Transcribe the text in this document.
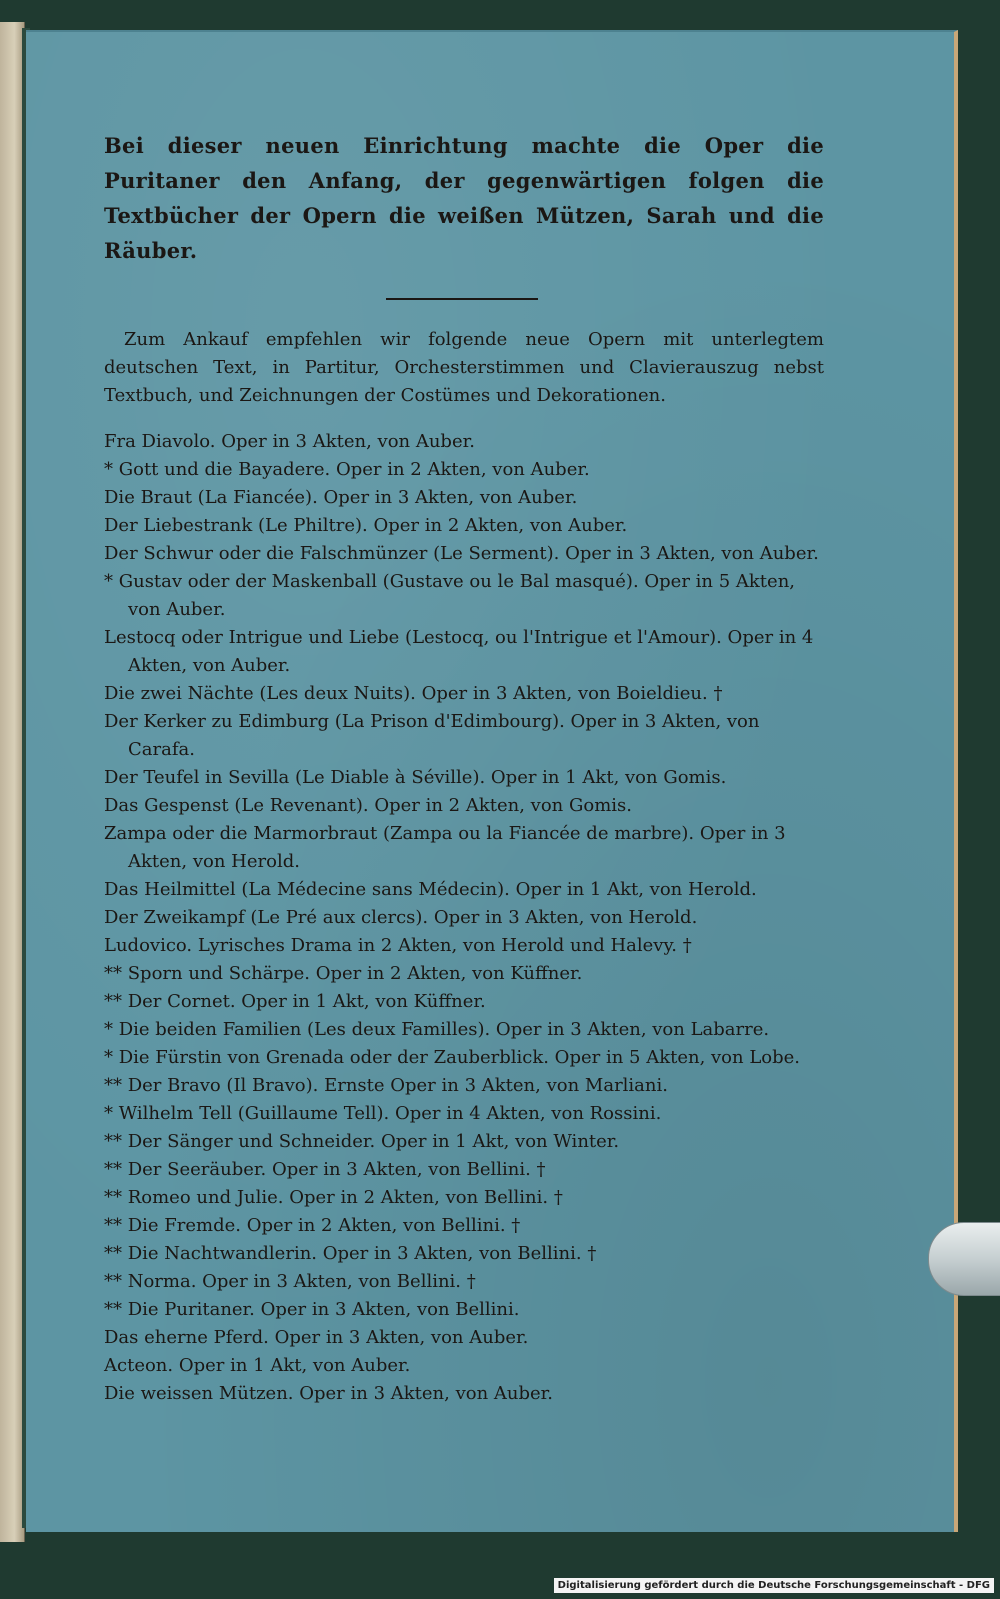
Bei dieser neuen Einrichtung machte die Oper die Puritaner den Anfang, der gegenwärtigen folgen die Textbücher der Opern die weißen Mützen, Sarah und die Räuber.

Zum Ankauf empfehlen wir folgende neue Opern mit unterlegtem deutschen Text, in Partitur, Orchesterstimmen und Clavierauszug nebst Textbuch, und Zeichnungen der Costümes und Dekorationen.

Fra Diavolo. Oper in 3 Akten, von Auber.
* Gott und die Bayadere. Oper in 2 Akten, von Auber.
Die Braut (La Fiancée). Oper in 3 Akten, von Auber.
Der Liebestrank (Le Philtre). Oper in 2 Akten, von Auber.
Der Schwur oder die Falschmünzer (Le Serment). Oper in 3 Akten, von Auber.
* Gustav oder der Maskenball (Gustave ou le Bal masqué). Oper in 5 Akten, von Auber.
Lestocq oder Intrigue und Liebe (Lestocq, ou l'Intrigue et l'Amour). Oper in 4 Akten, von Auber.
Die zwei Nächte (Les deux Nuits). Oper in 3 Akten, von Boieldieu. †
Der Kerker zu Edimburg (La Prison d'Edimbourg). Oper in 3 Akten, von Carafa.
Der Teufel in Sevilla (Le Diable à Séville). Oper in 1 Akt, von Gomis.
Das Gespenst (Le Revenant). Oper in 2 Akten, von Gomis.
Zampa oder die Marmorbraut (Zampa ou la Fiancée de marbre). Oper in 3 Akten, von Herold.
Das Heilmittel (La Médecine sans Médecin). Oper in 1 Akt, von Herold.
Der Zweikampf (Le Pré aux clercs). Oper in 3 Akten, von Herold.
Ludovico. Lyrisches Drama in 2 Akten, von Herold und Halevy. †
** Sporn und Schärpe. Oper in 2 Akten, von Küffner.
** Der Cornet. Oper in 1 Akt, von Küffner.
* Die beiden Familien (Les deux Familles). Oper in 3 Akten, von Labarre.
* Die Fürstin von Grenada oder der Zauberblick. Oper in 5 Akten, von Lobe.
** Der Bravo (Il Bravo). Ernste Oper in 3 Akten, von Marliani.
* Wilhelm Tell (Guillaume Tell). Oper in 4 Akten, von Rossini.
** Der Sänger und Schneider. Oper in 1 Akt, von Winter.
** Der Seeräuber. Oper in 3 Akten, von Bellini. †
** Romeo und Julie. Oper in 2 Akten, von Bellini. †
** Die Fremde. Oper in 2 Akten, von Bellini. †
** Die Nachtwandlerin. Oper in 3 Akten, von Bellini. †
** Norma. Oper in 3 Akten, von Bellini. †
** Die Puritaner. Oper in 3 Akten, von Bellini.
Das eherne Pferd. Oper in 3 Akten, von Auber.
Acteon. Oper in 1 Akt, von Auber.
Die weissen Mützen. Oper in 3 Akten, von Auber.
Digitalisierung gefördert durch die Deutsche Forschungsgemeinschaft - DFG
